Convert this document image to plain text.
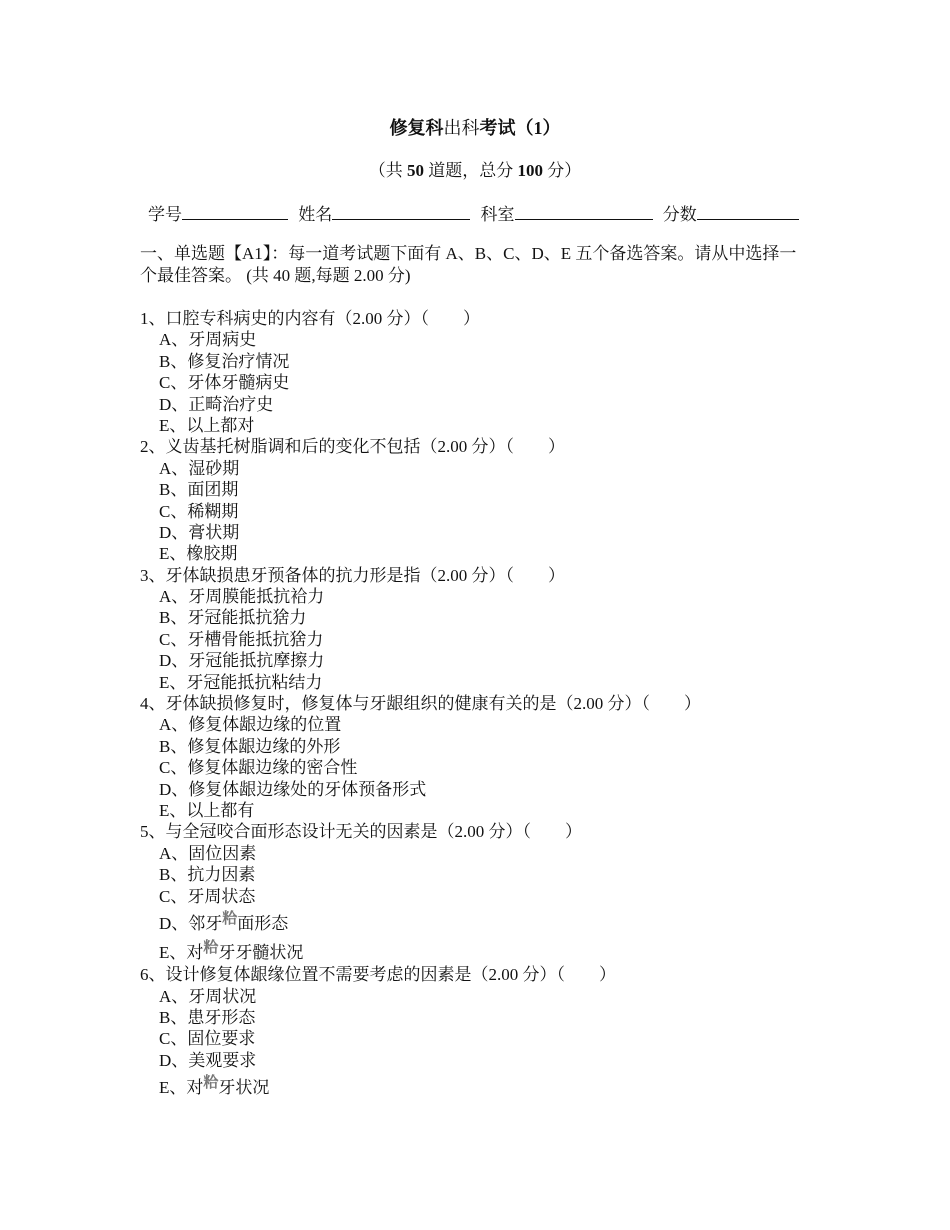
修复科出科考试（1）
（共 50 道题，总分 100 分）
学号	姓名	科室	分数
一、单选题【A1】：每一道考试题下面有 A、B、C、D、E 五个备选答案。请从中选择一个最佳答案。 (共 40 题,每题 2.00 分)
1、口腔专科病史的内容有（2.00 分）（　　）
A、牙周病史
B、修复治疗情况
C、牙体牙髓病史
D、正畸治疗史
E、以上都对
2、义齿基托树脂调和后的变化不包括（2.00 分）（　　）
A、湿砂期
B、面团期
C、稀糊期
D、膏状期
E、橡胶期
3、牙体缺损患牙预备体的抗力形是指（2.00 分）（　　）
A、牙周膜能抵抗袷力
B、牙冠能抵抗猞力
C、牙槽骨能抵抗猞力
D、牙冠能抵抗摩擦力
E、牙冠能抵抗粘结力
4、牙体缺损修复时，修复体与牙龈组织的健康有关的是（2.00 分）（　　）
A、修复体龈边缘的位置
B、修复体龈边缘的外形
C、修复体龈边缘的密合性
D、修复体龈边缘处的牙体预备形式
E、以上都有
5、与全冠咬合面形态设计无关的因素是（2.00 分）（　　）
A、固位因素
B、抗力因素
C、牙周状态
D、邻牙粭面形态
E、对粭牙牙髓状况
6、设计修复体龈缘位置不需要考虑的因素是（2.00 分）（　　）
A、牙周状况
B、患牙形态
C、固位要求
D、美观要求
E、对粭牙状况
